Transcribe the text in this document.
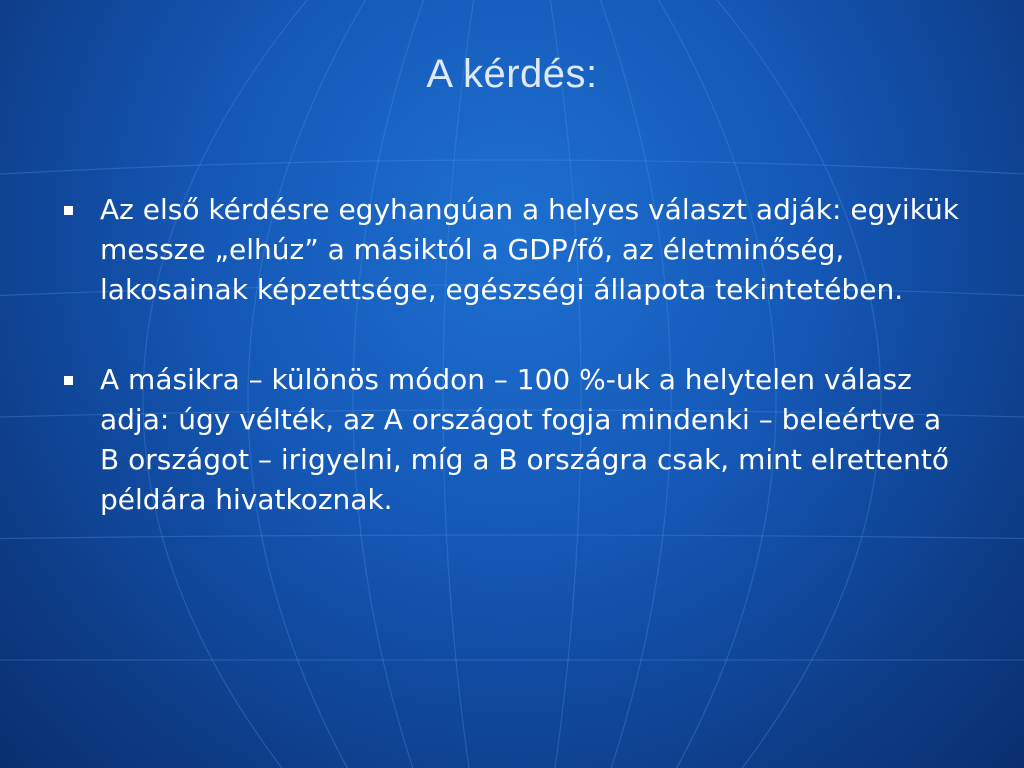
A kérdés:
Az első kérdésre egyhangúan a helyes választ adják: egyikük messze „elhúz” a másiktól a GDP/fő, az életminőség, lakosainak képzettsége, egészségi állapota tekintetében.
A másikra – különös módon – 100 %-uk a helytelen válasz adja: úgy vélték, az A országot fogja mindenki – beleértve a B országot – irigyelni, míg a B országra csak, mint elrettentő példára hivatkoznak.
